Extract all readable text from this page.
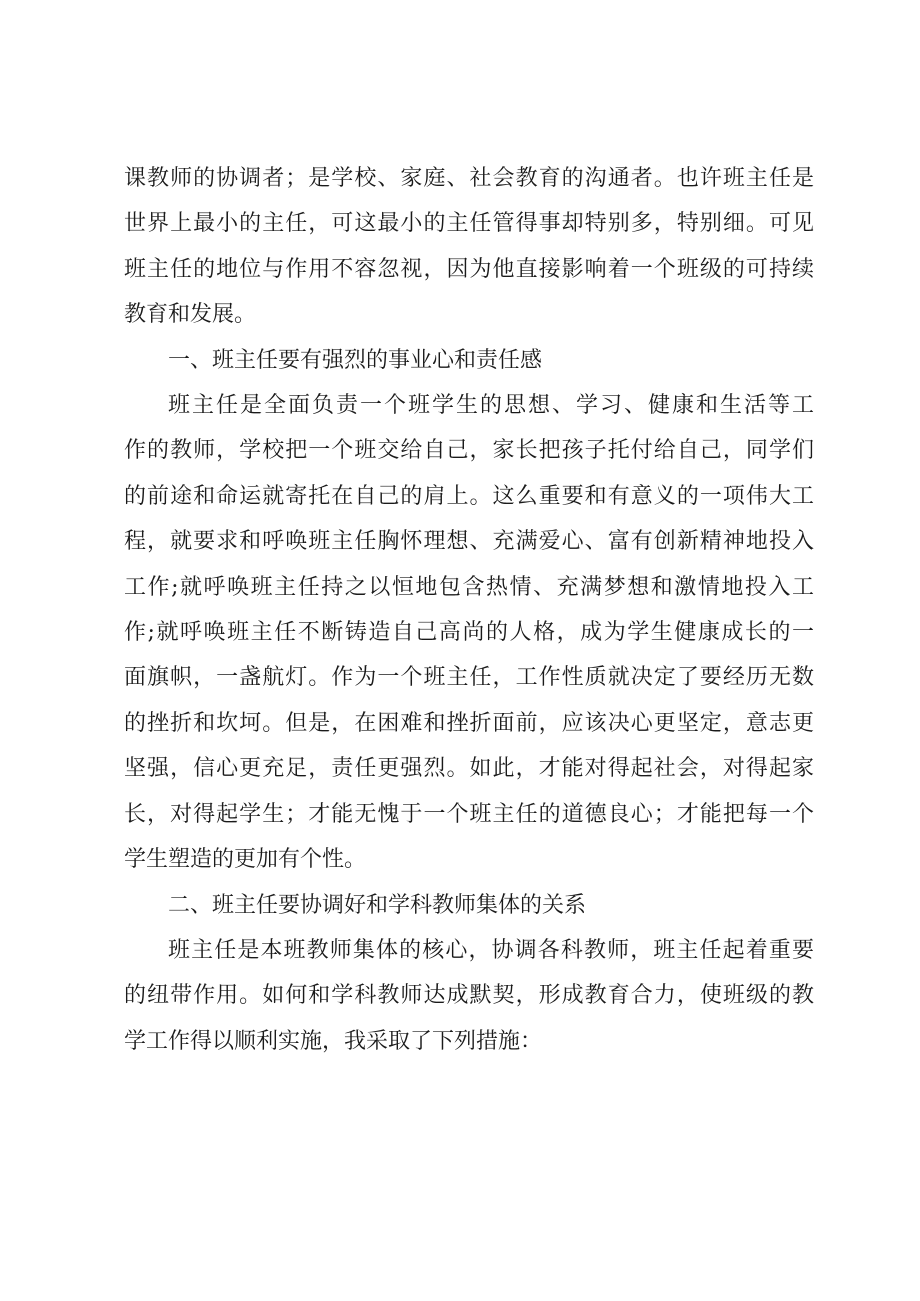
课教师的协调者；是学校、家庭、社会教育的沟通者。也许班主任是
世界上最小的主任，可这最小的主任管得事却特别多，特别细。可见
班主任的地位与作用不容忽视，因为他直接影响着一个班级的可持续
教育和发展。
一、班主任要有强烈的事业心和责任感
班主任是全面负责一个班学生的思想、学习、健康和生活等工
作的教师，学校把一个班交给自己，家长把孩子托付给自己，同学们
的前途和命运就寄托在自己的肩上。这么重要和有意义的一项伟大工
程，就要求和呼唤班主任胸怀理想、充满爱心、富有创新精神地投入
工作;就呼唤班主任持之以恒地包含热情、充满梦想和激情地投入工
作;就呼唤班主任不断铸造自己高尚的人格，成为学生健康成长的一
面旗帜，一盏航灯。作为一个班主任，工作性质就决定了要经历无数
的挫折和坎坷。但是，在困难和挫折面前，应该决心更坚定，意志更
坚强，信心更充足，责任更强烈。如此，才能对得起社会，对得起家
长，对得起学生；才能无愧于一个班主任的道德良心；才能把每一个
学生塑造的更加有个性。
二、班主任要协调好和学科教师集体的关系
班主任是本班教师集体的核心，协调各科教师，班主任起着重要
的纽带作用。如何和学科教师达成默契，形成教育合力，使班级的教
学工作得以顺利实施，我采取了下列措施：
